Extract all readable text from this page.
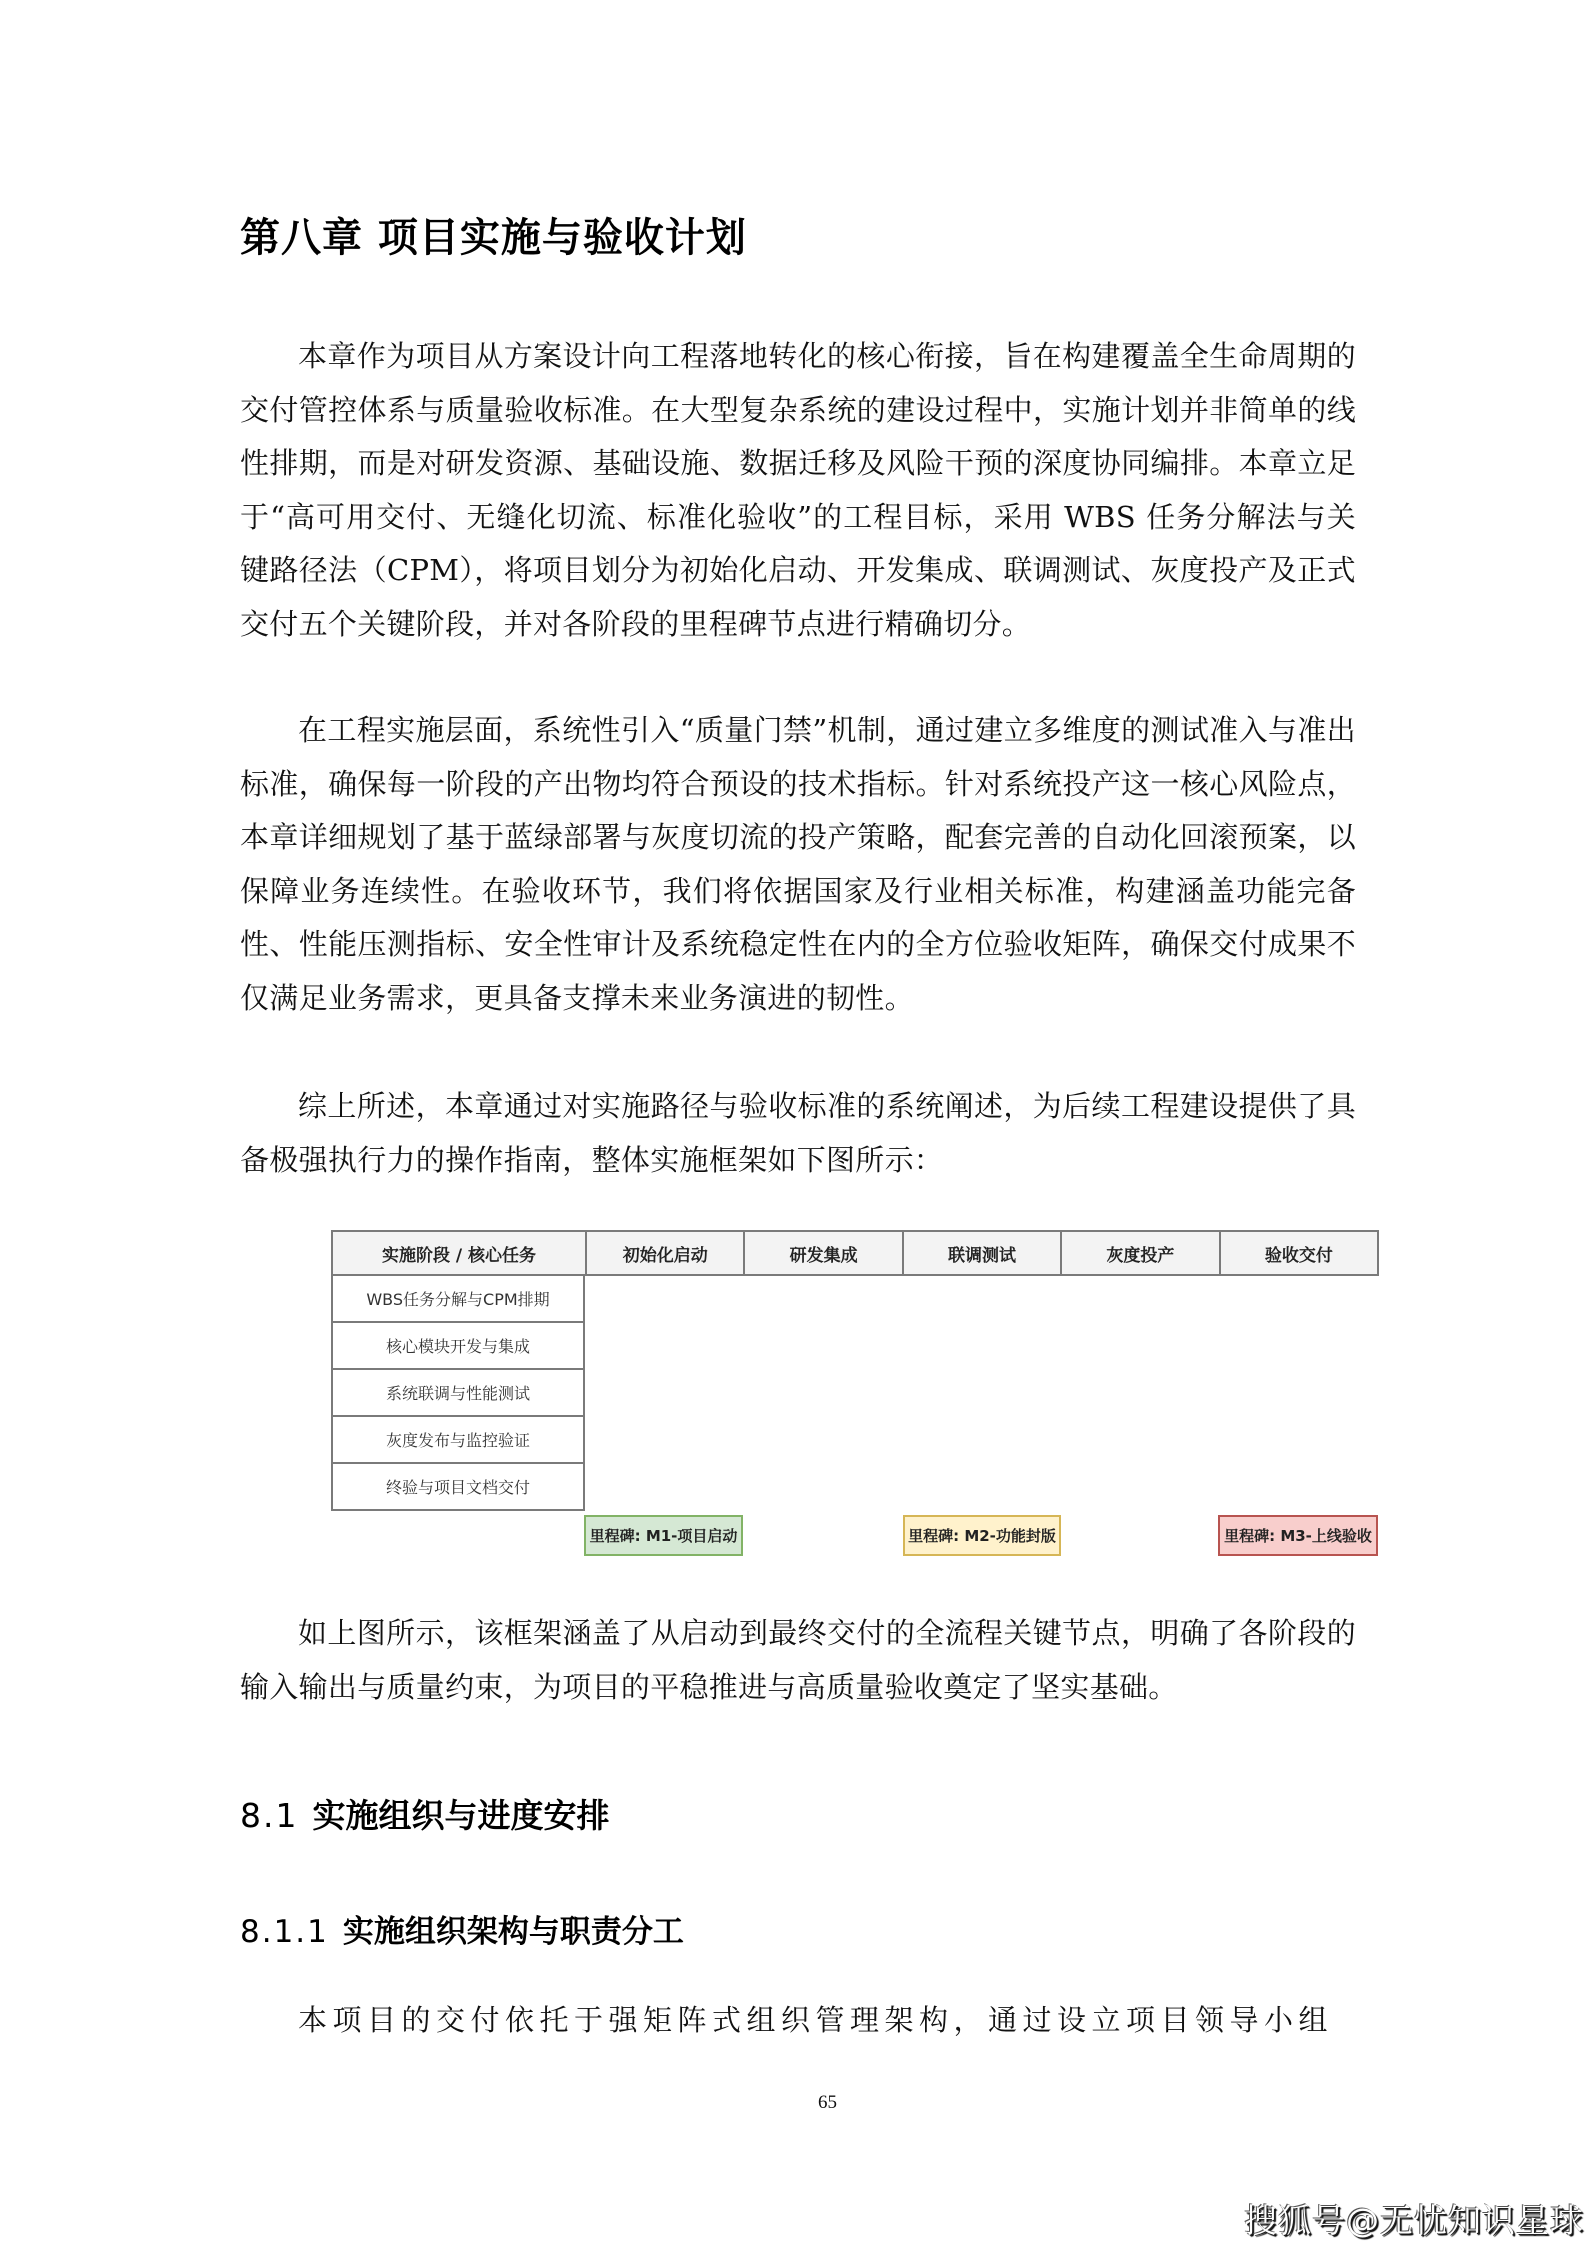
第八章 项目实施与验收计划
本章作为项目从方案设计向工程落地转化的核心衔接，旨在构建覆盖全生命周期的交付管控体系与质量验收标准。在大型复杂系统的建设过程中，实施计划并非简单的线性排期，而是对研发资源、基础设施、数据迁移及风险干预的深度协同编排。本章立足于“高可用交付、无缝化切流、标准化验收”的工程目标，采用 WBS 任务分解法与关键路径法（CPM），将项目划分为初始化启动、开发集成、联调测试、灰度投产及正式交付五个关键阶段，并对各阶段的里程碑节点进行精确切分。
在工程实施层面，系统性引入“质量门禁”机制，通过建立多维度的测试准入与准出标准，确保每一阶段的产出物均符合预设的技术指标。针对系统投产这一核心风险点，本章详细规划了基于蓝绿部署与灰度切流的投产策略，配套完善的自动化回滚预案，以保障业务连续性。在验收环节，我们将依据国家及行业相关标准，构建涵盖功能完备性、性能压测指标、安全性审计及系统稳定性在内的全方位验收矩阵，确保交付成果不仅满足业务需求，更具备支撑未来业务演进的韧性。
综上所述，本章通过对实施路径与验收标准的系统阐述，为后续工程建设提供了具备极强执行力的操作指南，整体实施框架如下图所示：
实施阶段 / 核心任务	初始化启动	研发集成	联调测试	灰度投产	验收交付
WBS任务分解与CPM排期
核心模块开发与集成
系统联调与性能测试
灰度发布与监控验证
终验与项目文档交付
里程碑: M1-项目启动	里程碑: M2-功能封版	里程碑: M3-上线验收
如上图所示，该框架涵盖了从启动到最终交付的全流程关键节点，明确了各阶段的输入输出与质量约束，为项目的平稳推进与高质量验收奠定了坚实基础。
8.1 实施组织与进度安排
8.1.1 实施组织架构与职责分工
本项目的交付依托于强矩阵式组织管理架构，通过设立项目领导小组
65
搜狐号@无忧知识星球
